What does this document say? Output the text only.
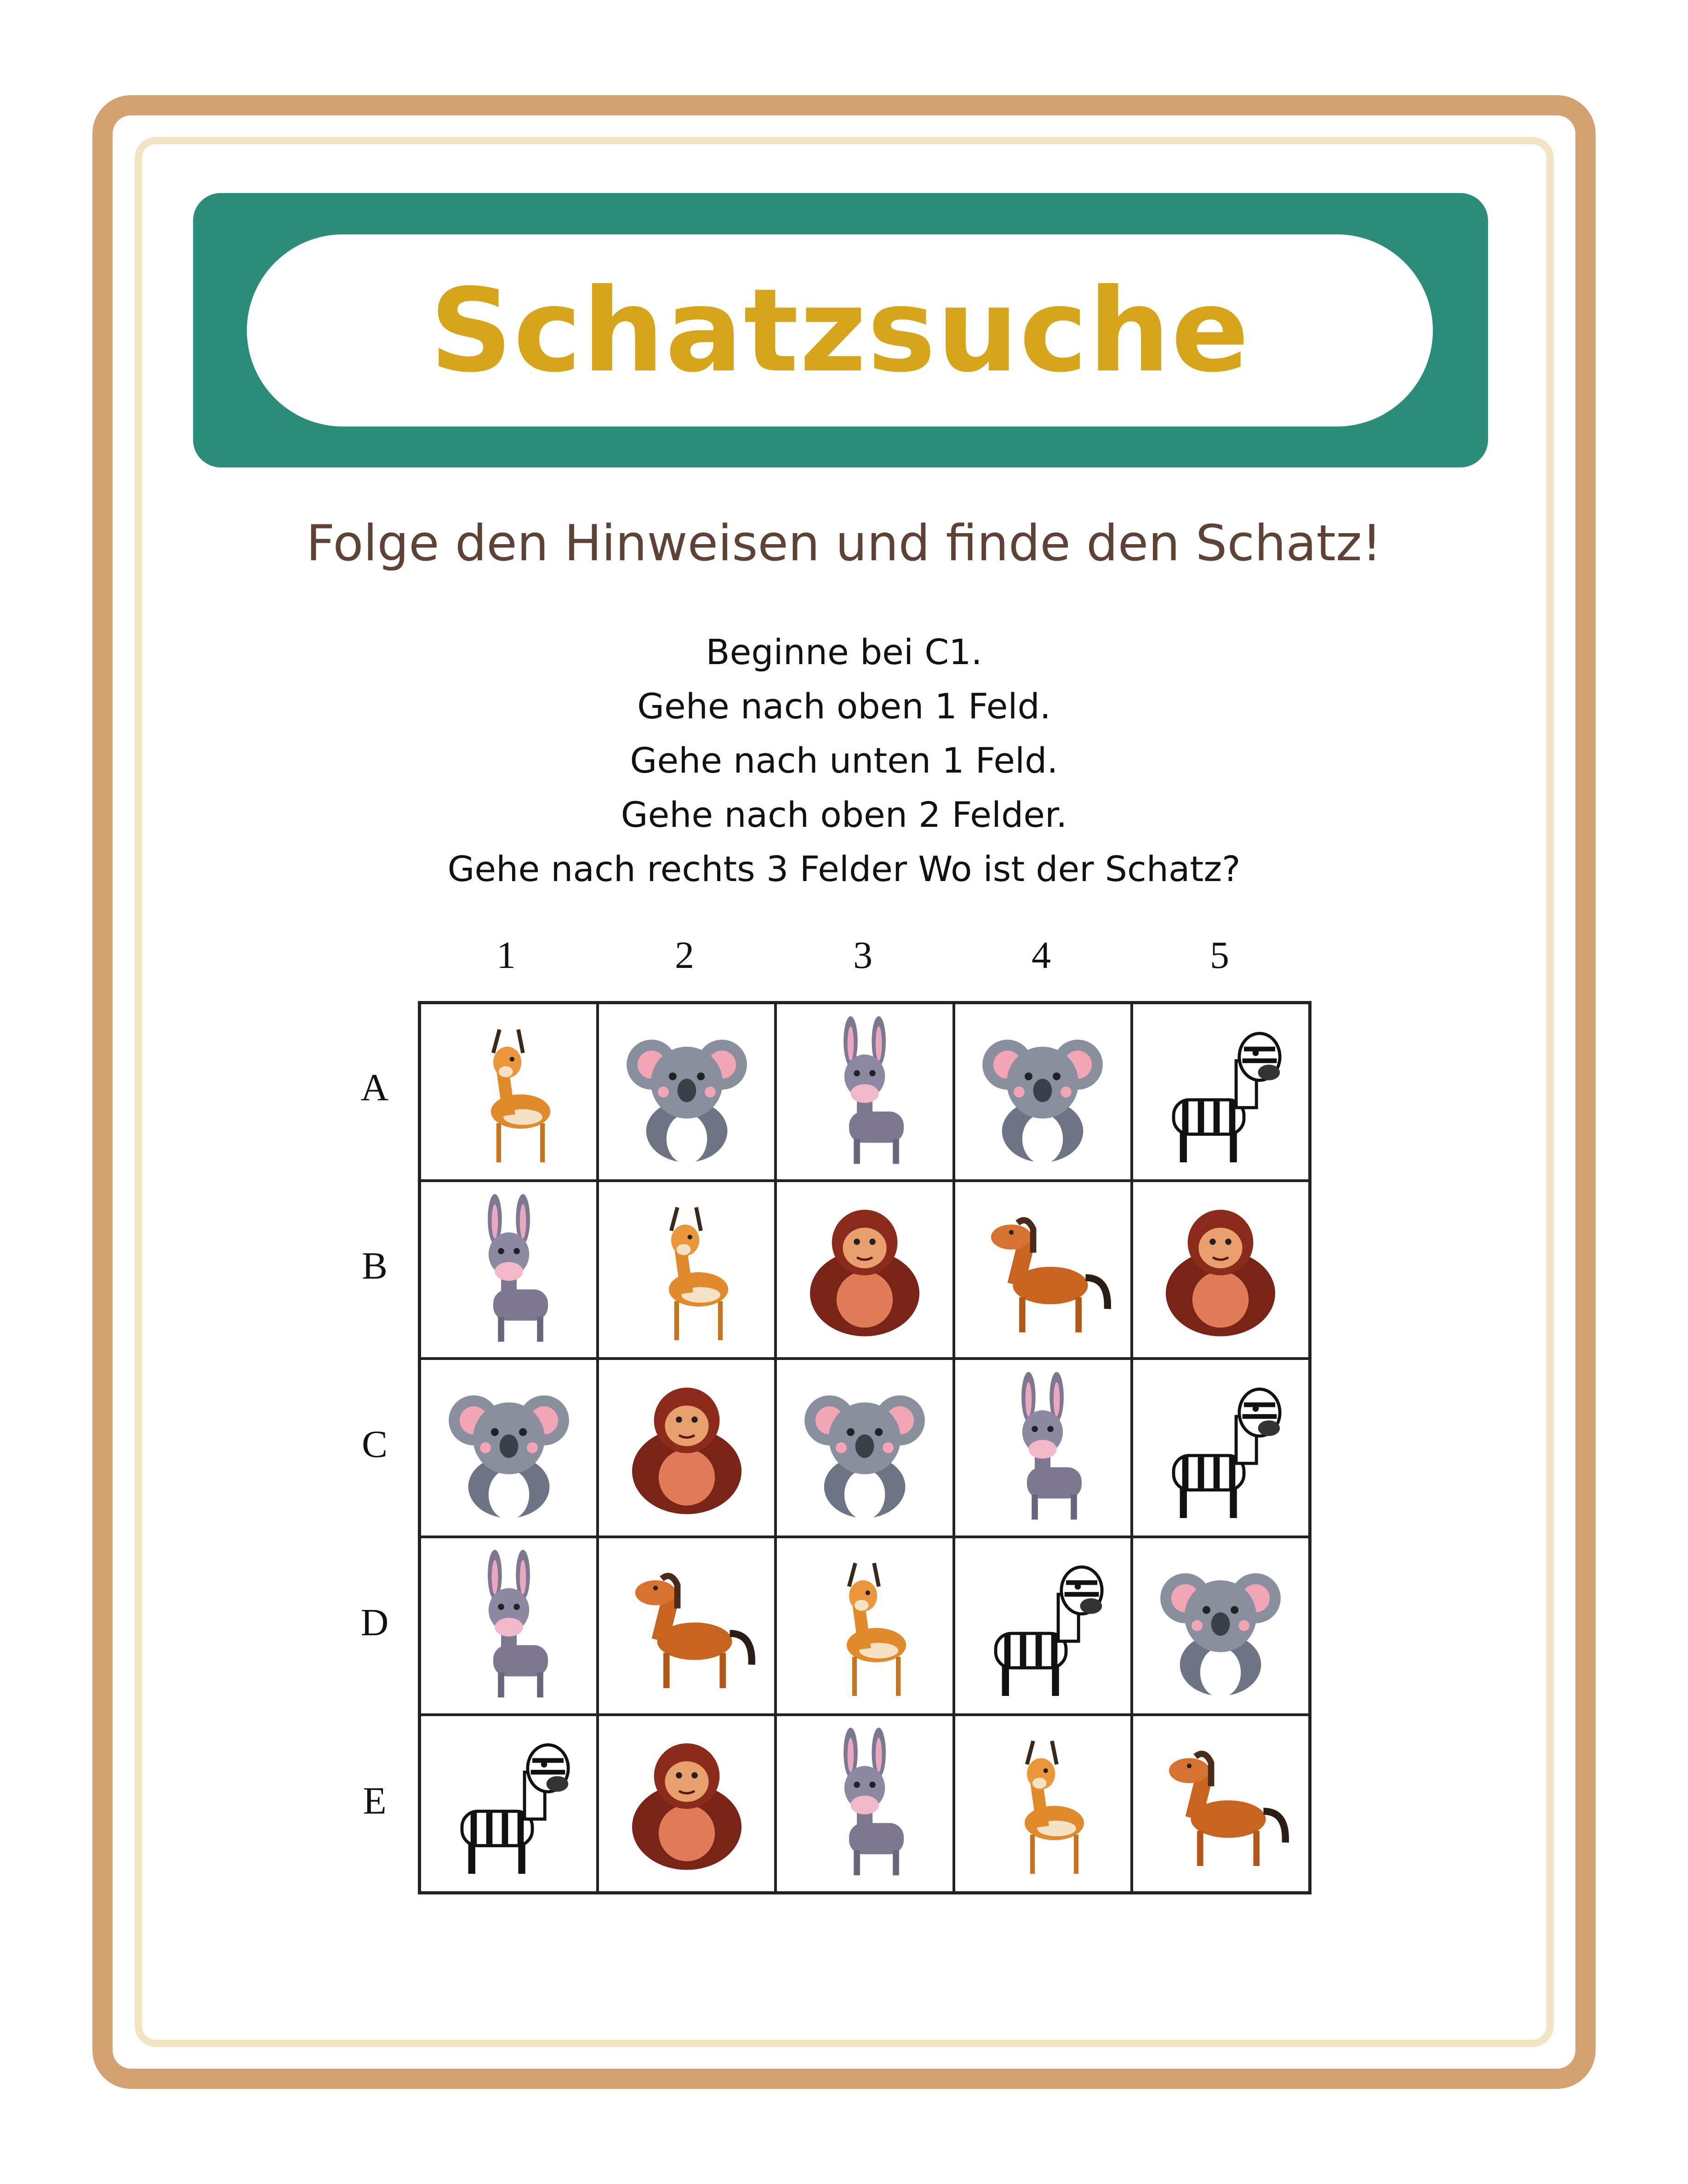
Schatzsuche
Folge den Hinweisen und finde den Schatz!
Beginne bei C1.
Gehe nach oben 1 Feld.
Gehe nach unten 1 Feld.
Gehe nach oben 2 Felder.
Gehe nach rechts 3 Felder Wo ist der Schatz?
1	2	3	4	5
A
B
C
D
E
